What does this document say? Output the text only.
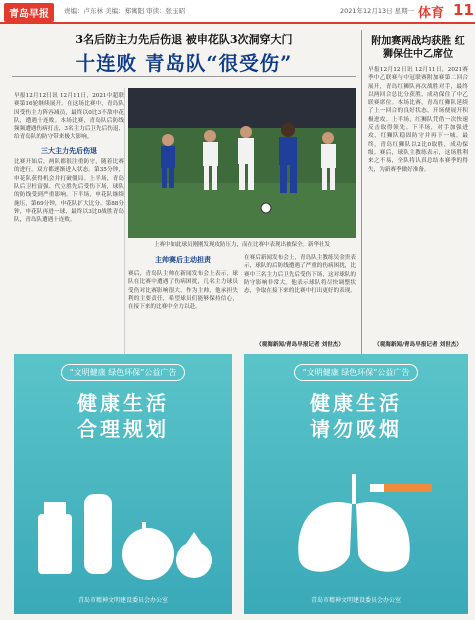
青岛早报	责编：卢东林 美编：郑寓阳 审读：张玉昭	2021年12月13日 星期一 体育 11
3名后防主力先后伤退 被申花队3次洞穿大门
十连败 青岛队“很受伤”
早报12月12日讯 12月11日，2021中超联赛第16轮继续展开。在这场比赛中，青岛队因受伤主力阵容减员，最终以0比3不敌申花队，遭遇十连败。本场比赛，青岛队后防线频频遭遇伤病打击，3名主力后卫先后伤退，给青岛队的防守带来极大影响。
三大主力先后伤退
比赛开始后，两队都很注重防守，随着比赛的进行，双方都逐渐进入状态。第35分钟，申花队获得机会并打破僵局。上半场，青岛队后卫杜富强、代立胜先后受伤下场，球队的防线受到严重影响。下半场，申花队继续施压，第69分钟，申花队扩大比分。第88分钟，申花队再进一球，最终以3比0战胜青岛队，青岛队遭遇十连败。
上赛中如此球员刚刚发现攻防压力，而在比赛中表现出被保全。新华社发
主帅赛后主动担责
赛后，青岛队主帅在新闻发布会上表示，球队在比赛中遭遇了伤病困扰，几名主力球员受伤对比赛影响很大。作为主帅，他承担失利的主要责任，希望球员们能够保持信心，在接下来的比赛中全力以赴。
在赛后新闻发布会上，青岛队主教练吴金贵表示，球队的后防线遭遇了严重的伤病困扰，比赛中三名主力后卫先后受伤下场，这对球队的防守影响非常大。他表示球队将尽快调整状态，争取在接下来的比赛中打出更好的表现。
（观海新闻/青岛早报记者 刘世杰）
附加赛两战均获胜 红狮保住中乙席位
早报12月12日讯 12月11日，2021赛季中乙联赛与中冠联赛附加赛第二回合展开，青岛红狮队再次战胜对手，最终以两回合总比分获胜，成功保住了中乙联赛席位。本场比赛，青岛红狮队延续了上一回合的良好状态，开场便展开积极进攻。上半场，红狮队凭借一次快速反击取得领先。下半场，对手加强进攻，红狮队稳固防守并再下一城。最终，青岛红狮队以2比0取胜，成功保级。赛后，球队主教练表示，这场胜利来之不易，全队将认真总结本赛季的得失，为新赛季做好准备。
（观海新闻/青岛早报记者 刘世杰）
“文明健康 绿色环保”公益广告
健康生活
合理规划
青岛市精神文明建设委员会办公室
“文明健康 绿色环保”公益广告
健康生活
请勿吸烟
青岛市精神文明建设委员会办公室
